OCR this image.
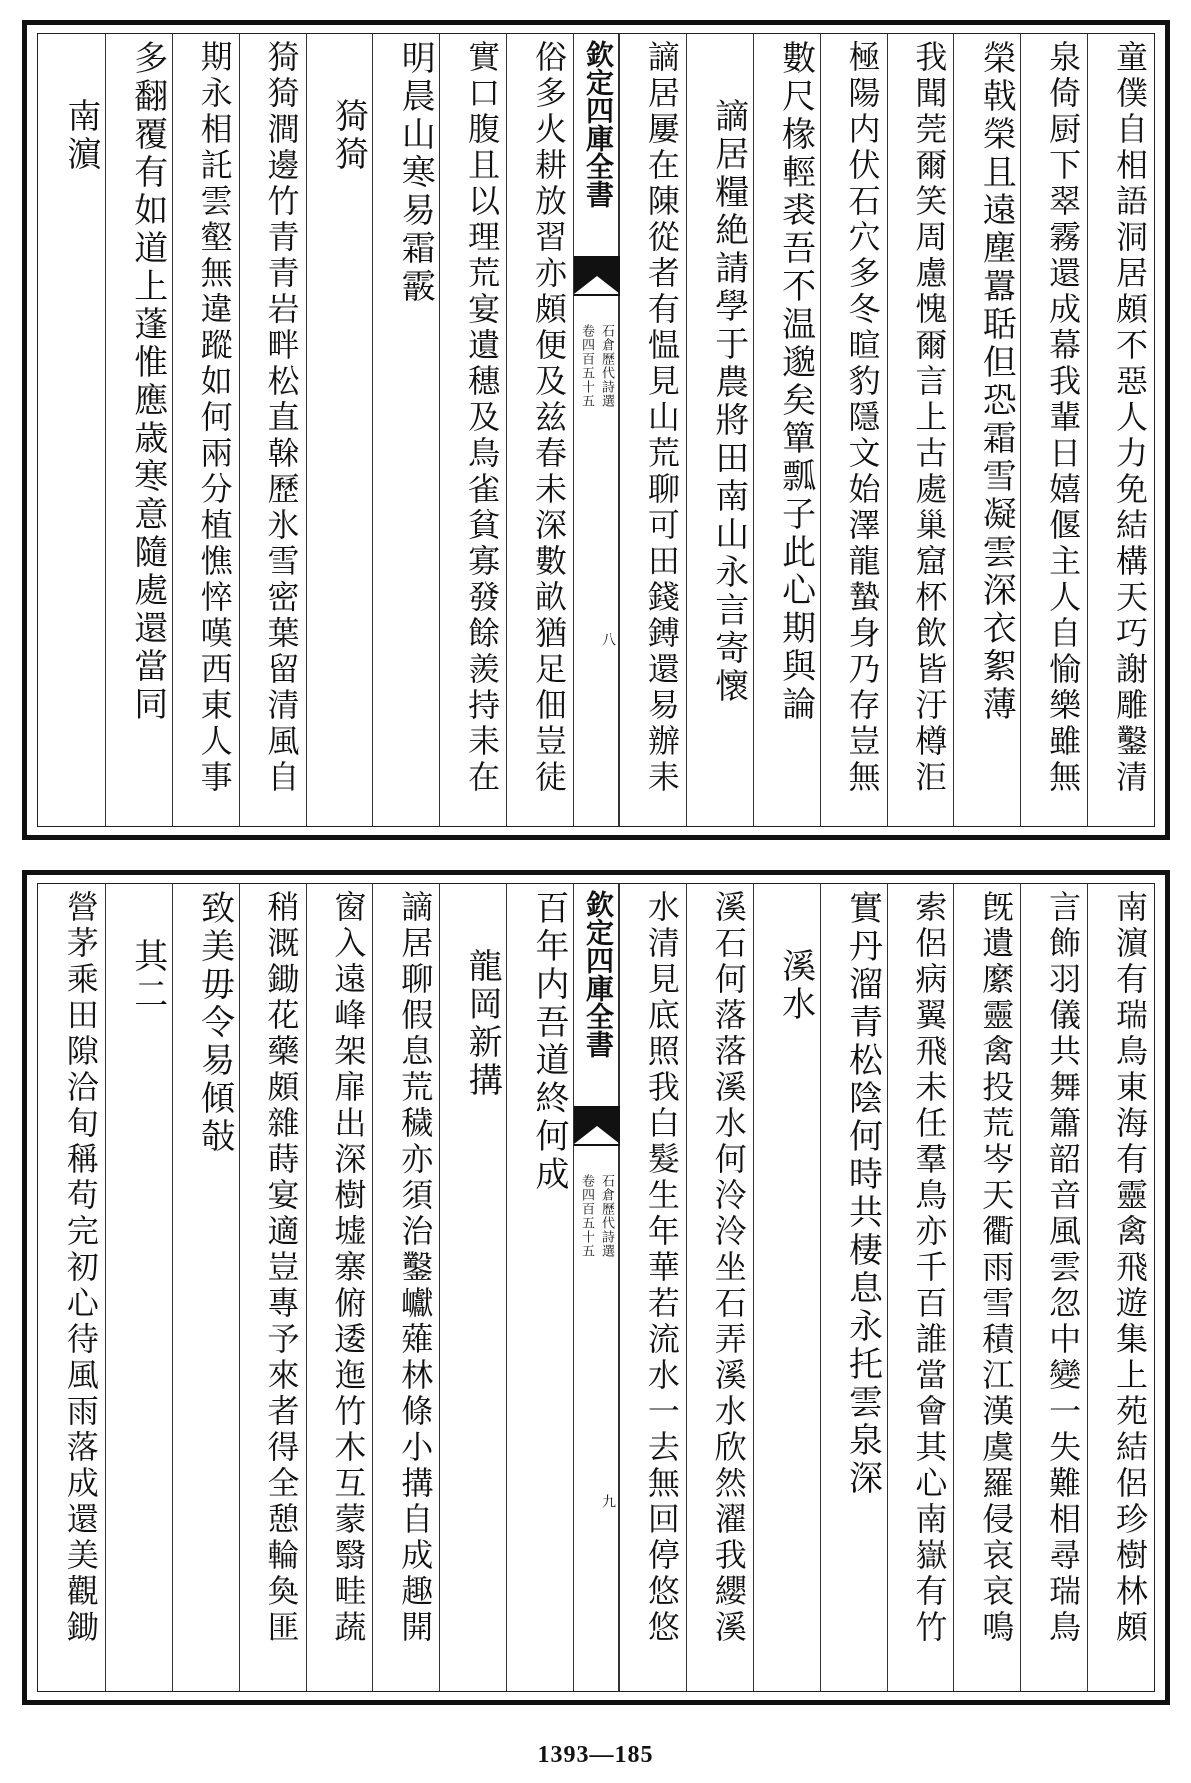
童僕自相語洞居頗不惡人力免結構天巧謝雕鑿清
泉倚厨下翠霧還成幕我輩日嬉偃主人自愉樂雖無
榮戟榮且遠塵囂聒但恐霜雪凝雲深衣絮薄
我聞莞爾笑周慮愧爾言上古處巢窟杯飲皆汙樽洰
極陽内伏石穴多冬暄豹隱文始澤龍蟄身乃存豈無
數尺椽輕裘吾不温邈矣簞瓢子此心期與論
謫居糧絶請學于農將田南山永言寄懷
謫居屢在陳從者有愠見山荒聊可田錢鎛還易辦耒
欽定四庫全書
石倉歷代詩選
卷四百五十五
八
俗多火耕放習亦頗便及兹春未深數畝猶足佃豈徒
實口腹且以理荒宴遺穗及鳥雀貧寡發餘羨持耒在
明晨山寒易霜霰
猗猗
猗猗澗邊竹青青岩畔松直榦歷氷雪密葉留清風自
期永相託雲壑無違蹤如何兩分植憔悴嘆西東人事
多翻覆有如道上蓬惟應歳寒意隨處還當同
南濵
南濵有瑞鳥東海有靈禽飛遊集上苑結侶珍樹林頗
言飾羽儀共舞簫韶音風雲忽中變一失難相尋瑞鳥
旣遺縻靈禽投荒岑天衢雨雪積江漢虞羅侵哀哀鳴
索侶病翼飛未任羣鳥亦千百誰當會其心南嶽有竹
實丹溜青松陰何時共棲息永托雲泉深
溪水
溪石何落落溪水何泠泠坐石弄溪水欣然濯我纓溪
水清見底照我白髮生年華若流水一去無回停悠悠
欽定四庫全書
石倉歷代詩選
卷四百五十五
九
百年内吾道終何成
龍岡新搆
謫居聊假息荒穢亦須治鑿巘薙林條小搆自成趣開
窗入遠峰架扉出深樹墟寨俯逶迤竹木互蒙翳畦蔬
稍溉鋤花藥頗雜蒔宴適豈專予來者得全憩輪奐匪
致美毋令易傾敧
其二
營茅乘田隙洽旬稱苟完初心待風雨落成還美觀鋤
1393—185
